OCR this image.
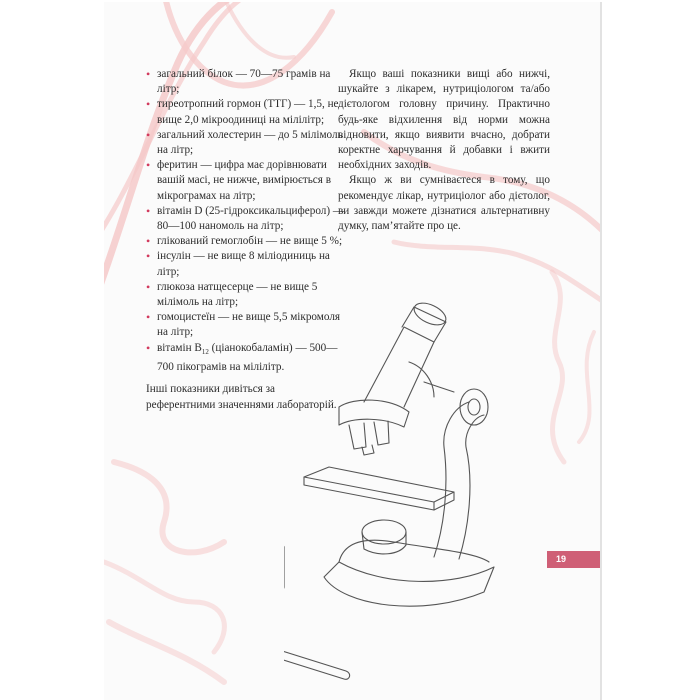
• загальний білок — 70—75 грамів на літр;
• тиреотропний гормон (ТТГ) — 1,5, не вище 2,0 мікроодиниці на мілілітр;
• загальний холестерин — до 5 мілімоль на літр;
• феритин — цифра має дорівнювати вашій масі, не нижче, вимірюється в мікрограмах на літр;
• вітамін D (25-гідроксикальциферол) — 80—100 наномоль на літр;
• глікований гемоглобін — не вище 5 %;
• інсулін — не вище 8 міліодиниць на літр;
• глюкоза натщесерце — не вище 5 мілімоль на літр;
• гомоцистеїн — не вище 5,5 мікромоля на літр;
• вітамін $B_{12}$ (ціанокобаламін) — 500—700 пікограмів на мілілітр.

Інші показники дивіться за референтними значеннями лабораторій.

Якщо ваші показники вищі або нижчі, шукайте з лікарем, нутриціологом та/або дієтологом головну причину. Практично будь-яке відхилення від норми можна відновити, якщо виявити вчасно, добрати коректне харчування й добавки і вжити необхідних заходів.

Якщо ж ви сумніваєтеся в тому, що рекомендує лікар, нутриціолог або дієтолог, ви завжди можете дізнатися альтернативну думку, пам’ятайте про це.

19
